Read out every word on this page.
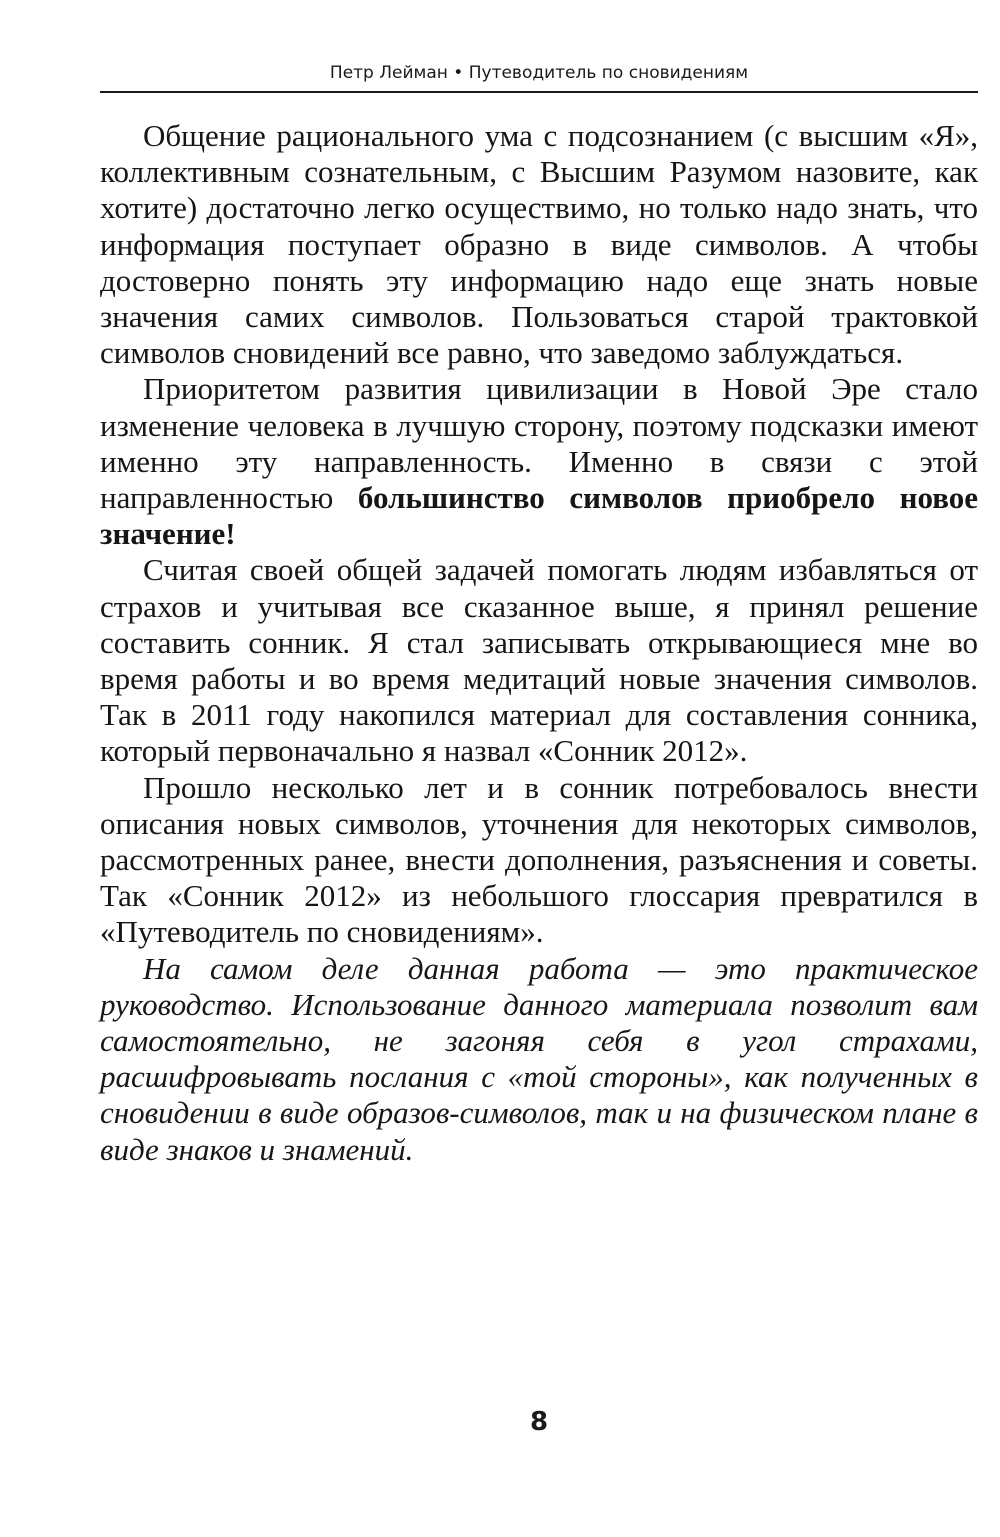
Петр Лейман • Путеводитель по сновидениям

Общение рационального ума с подсознанием (с высшим «Я», коллективным сознательным, с Высшим Разумом назовите, как хотите) достаточно легко осуществимо, но только надо знать, что информация поступает образно в виде символов. А чтобы достоверно понять эту информацию надо еще знать новые значения самих символов. Пользоваться старой трактовкой символов сновидений все равно, что заведомо заблуждаться.

Приоритетом развития цивилизации в Новой Эре стало изменение человека в лучшую сторону, поэтому подсказки имеют именно эту направленность. Именно в связи с этой направленностью большинство символов приобрело новое значение!

Считая своей общей задачей помогать людям избавляться от страхов и учитывая все сказанное выше, я принял решение составить сонник. Я стал записывать открывающиеся мне во время работы и во время медитаций новые значения символов. Так в 2011 году накопился материал для составления сонника, который первоначально я назвал «Сонник 2012».

Прошло несколько лет и в сонник потребовалось внести описания новых символов, уточнения для некоторых символов, рассмотренных ранее, внести дополнения, разъяснения и советы. Так «Сонник 2012» из небольшого глоссария превратился в «Путеводитель по сновидениям».

На самом деле данная работа — это практическое руководство. Использование данного материала позволит вам самостоятельно, не загоняя себя в угол страхами, расшифровывать послания с «той стороны», как полученных в сновидении в виде образов-символов, так и на физическом плане в виде знаков и знамений.

8
